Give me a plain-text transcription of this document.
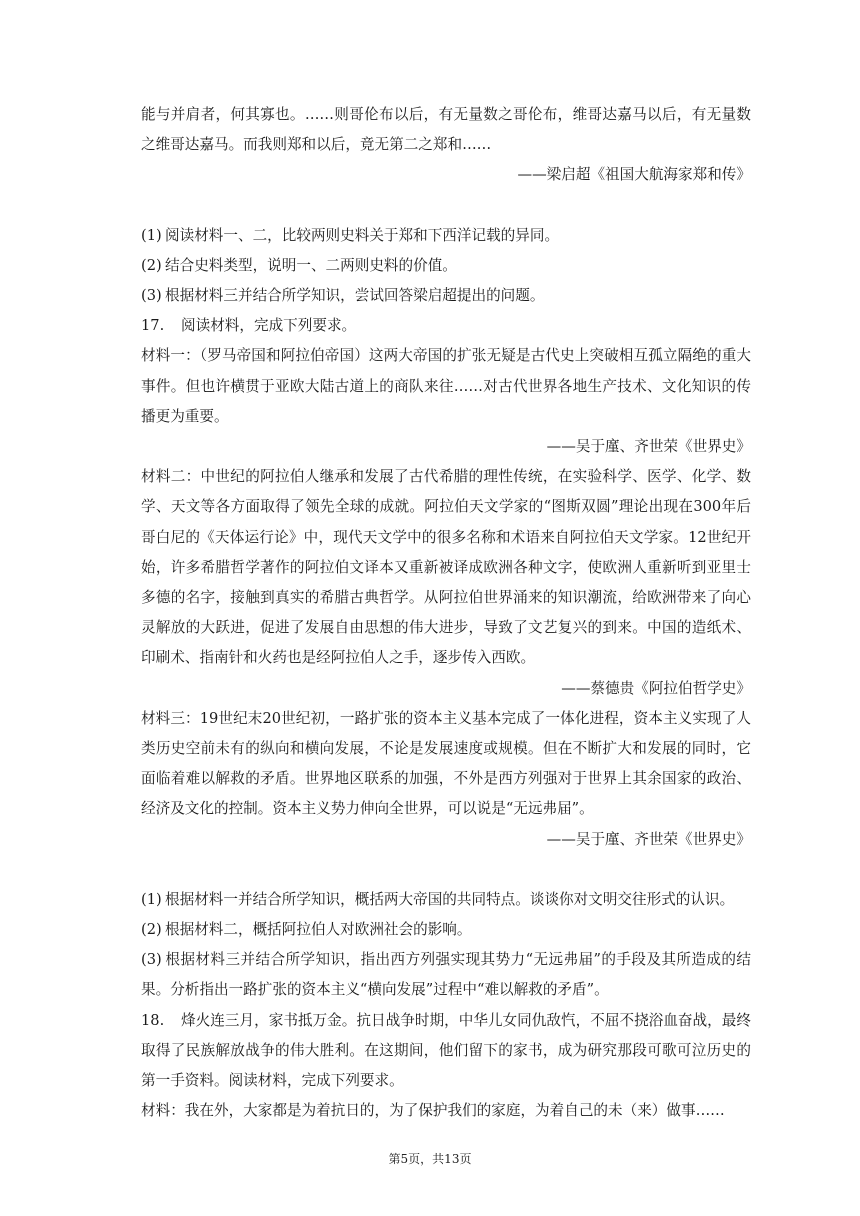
能与并肩者，何其寡也。……则哥伦布以后，有无量数之哥伦布，维哥达嘉马以后，有无量数之维哥达嘉马。而我则郑和以后，竟无第二之郑和……

——梁启超《祖国大航海家郑和传》

(1) 阅读材料一、二，比较两则史料关于郑和下西洋记载的异同。

(2) 结合史料类型，说明一、二两则史料的价值。

(3) 根据材料三并结合所学知识，尝试回答梁启超提出的问题。

17. 阅读材料，完成下列要求。

材料一：（罗马帝国和阿拉伯帝国）这两大帝国的扩张无疑是古代史上突破相互孤立隔绝的重大事件。但也许横贯于亚欧大陆古道上的商队来往……对古代世界各地生产技术、文化知识的传播更为重要。

——吴于廑、齐世荣《世界史》

材料二：中世纪的阿拉伯人继承和发展了古代希腊的理性传统，在实验科学、医学、化学、数学、天文等各方面取得了领先全球的成就。阿拉伯天文学家的“图斯双圆”理论出现在300年后哥白尼的《天体运行论》中，现代天文学中的很多名称和术语来自阿拉伯天文学家。12世纪开始，许多希腊哲学著作的阿拉伯文译本又重新被译成欧洲各种文字，使欧洲人重新听到亚里士多德的名字，接触到真实的希腊古典哲学。从阿拉伯世界涌来的知识潮流，给欧洲带来了向心灵解放的大跃进，促进了发展自由思想的伟大进步，导致了文艺复兴的到来。中国的造纸术、印刷术、指南针和火药也是经阿拉伯人之手，逐步传入西欧。

——蔡德贵《阿拉伯哲学史》

材料三：19世纪末20世纪初，一路扩张的资本主义基本完成了一体化进程，资本主义实现了人类历史空前未有的纵向和横向发展，不论是发展速度或规模。但在不断扩大和发展的同时，它面临着难以解救的矛盾。世界地区联系的加强，不外是西方列强对于世界上其余国家的政治、经济及文化的控制。资本主义势力伸向全世界，可以说是“无远弗届”。

——吴于廑、齐世荣《世界史》

(1) 根据材料一并结合所学知识，概括两大帝国的共同特点。谈谈你对文明交往形式的认识。

(2) 根据材料二，概括阿拉伯人对欧洲社会的影响。

(3) 根据材料三并结合所学知识，指出西方列强实现其势力“无远弗届”的手段及其所造成的结果。分析指出一路扩张的资本主义“横向发展”过程中“难以解救的矛盾”。

18. 烽火连三月，家书抵万金。抗日战争时期，中华儿女同仇敌忾，不屈不挠浴血奋战，最终取得了民族解放战争的伟大胜利。在这期间，他们留下的家书，成为研究那段可歌可泣历史的第一手资料。阅读材料，完成下列要求。

材料：我在外，大家都是为着抗日的，为了保护我们的家庭，为着自己的未（来）做事……

第5页，共13页
